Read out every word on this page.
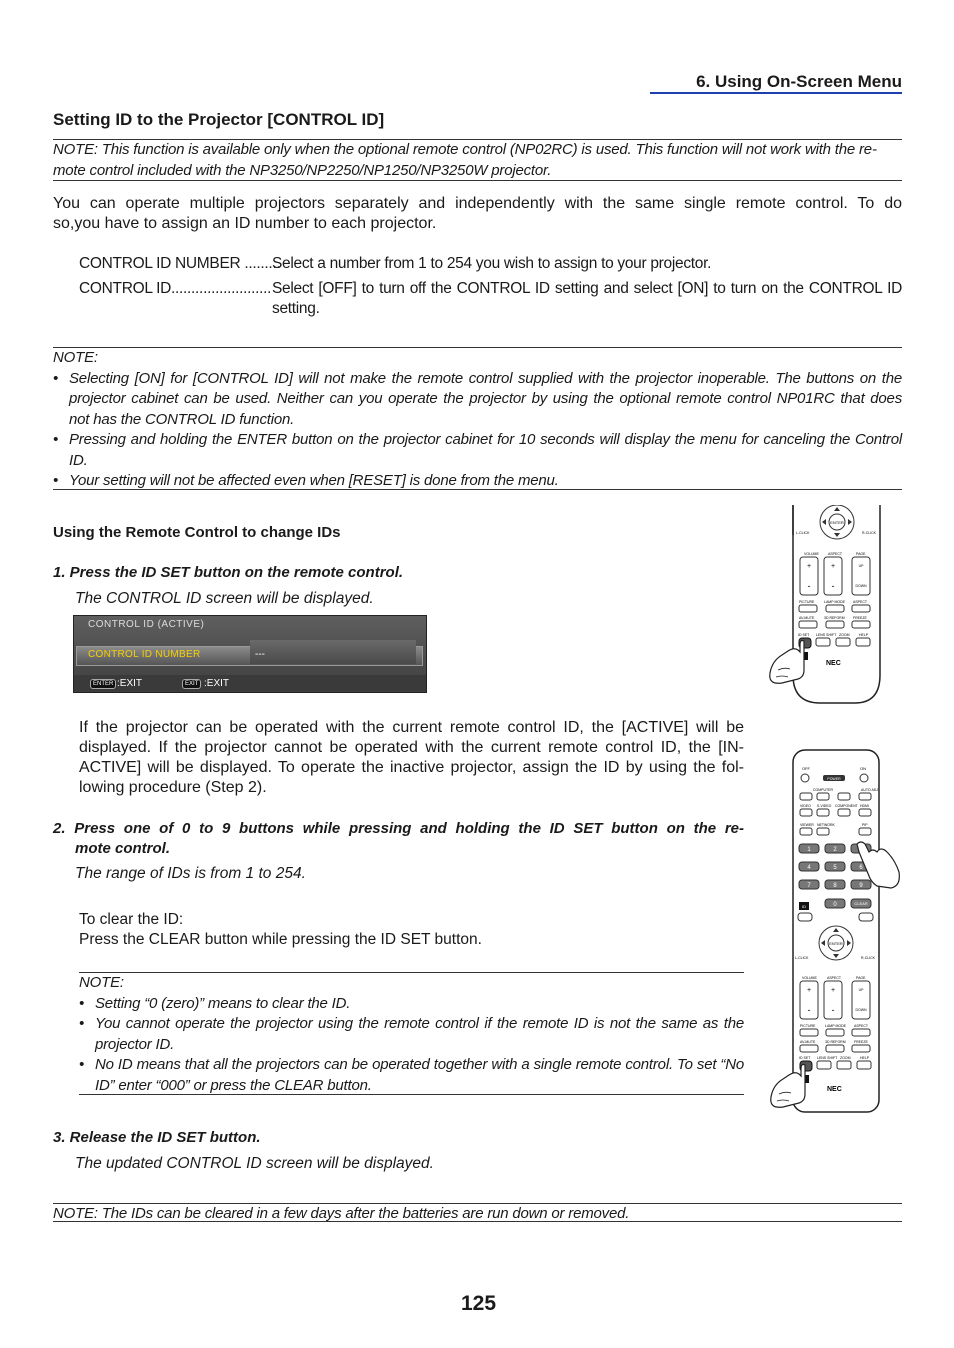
6. Using On-Screen Menu
Setting ID to the Projector [CONTROL ID]
NOTE: This function is available only when the optional remote control (NP02RC) is used. This function will not work with the re-
mote control included with the NP3250/NP2250/NP1250/NP3250W projector.
You can operate multiple projectors separately and independently with the same single remote control. To do
so,you have to assign an ID number to each projector.
CONTROL ID NUMBER .........
Select a number from 1 to 254 you wish to assign to your projector.
CONTROL ID......................... Select [OFF] to turn off the CONTROL ID setting and select [ON] to turn on the CONTROL ID
setting.
NOTE:
• Selecting [ON] for [CONTROL ID] will not make the remote control supplied with the projector inoperable. The buttons on the
projector cabinet can be used. Neither can you operate the projector by using the optional remote control NP01RC that does
not has the CONTROL ID function.
• Pressing and holding the ENTER button on the projector cabinet for 10 seconds will display the menu for canceling the Control
ID.
• Your setting will not be affected even when [RESET] is done from the menu.
Using the Remote Control to change IDs
1. Press the ID SET button on the remote control.
The CONTROL ID screen will be displayed.
CONTROL ID (ACTIVE)
CONTROL ID NUMBER	---
ENTER :EXIT	EXIT :EXIT
If the projector can be operated with the current remote control ID, the [ACTIVE] will be
displayed. If the projector cannot be operated with the current remote control ID, the [IN-
ACTIVE] will be displayed. To operate the inactive projector, assign the ID by using the fol-
lowing procedure (Step 2).
2. Press one of 0 to 9 buttons while pressing and holding the ID SET button on the re-
mote control.
The range of IDs is from 1 to 254.
To clear the ID:
Press the CLEAR button while pressing the ID SET button.
NOTE:
• Setting “0 (zero)” means to clear the ID.
• You cannot operate the projector using the remote control if the remote ID is not the same as the
projector ID.
• No ID means that all the projectors can be operated together with a single remote control. To set “No
ID” enter “000” or press the CLEAR button.
3. Release the ID SET button.
The updated CONTROL ID screen will be displayed.
NOTE: The IDs can be cleared in a few days after the batteries are run down or removed.
125
ENTER
L-CLICK	R-CLICK
VOLUME	ASPECT	PAGE
+
-
+
-
UP
DOWN
PICTURE	LAMP MODE ASPECT
AV-MUTE	3D REFORM FREEZE
ID SET LENS SHIFT ZOOM	HELP
NEC
OFF	ON
POWER
COMPUTER	AUTO ADJ.
VIDEO S-VIDEO COMPONENT HDMI
VIEWER NETWORK	PIP
1	2
4	5	6
7	8	9
0	CLEAR
ID
ENTER
L-CLICK	R-CLICK
VOLUME	ASPECT	PAGE
+
-
+
-
UP
DOWN
PICTURE	LAMP MODE ASPECT
AV-MUTE	3D REFORM FREEZE
ID SET LENS SHIFT ZOOM	HELP
NEC
